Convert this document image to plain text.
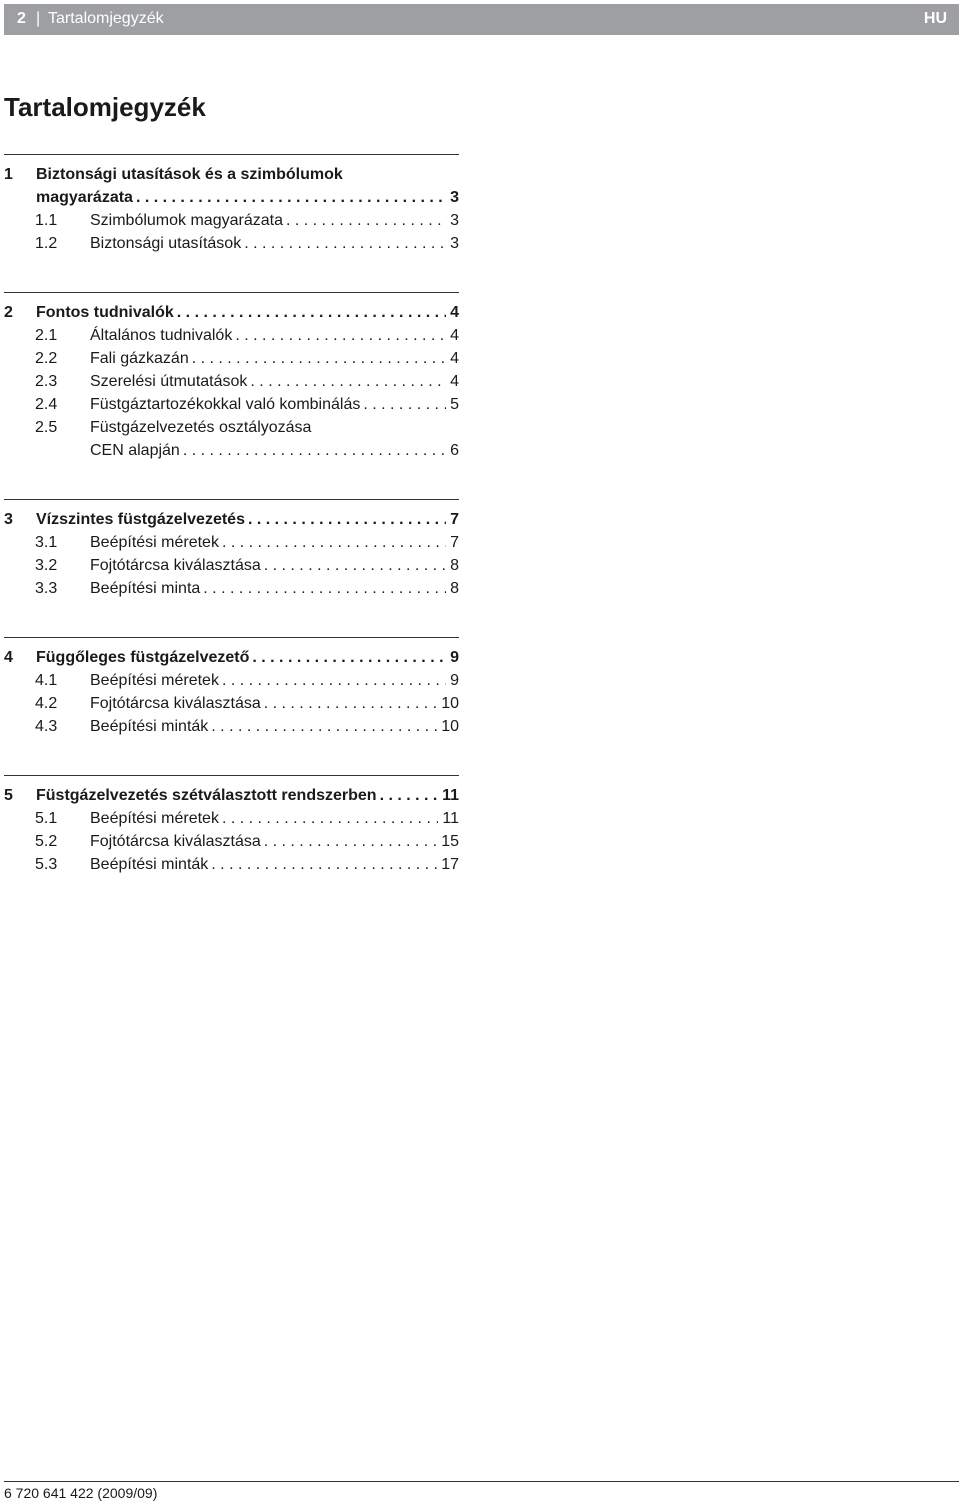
2 | Tartalomjegyzék	HU
Tartalomjegyzék
1	Biztonsági utasítások és a szimbólumok
magyarázata . . .	3
1.1	Szimbólumok magyarázata . . .	3
1.2	Biztonsági utasítások . . .	3
2	Fontos tudnivalók . . .	4
2.1	Általános tudnivalók . . .	4
2.2	Fali gázkazán . . .	4
2.3	Szerelési útmutatások . . .	4
2.4	Füstgáztartozékokkal való kombinálás . . .	5
2.5	Füstgázelvezetés osztályozása
CEN alapján . . .	6
3	Vízszintes füstgázelvezetés . . .	7
3.1	Beépítési méretek . . .	7
3.2	Fojtótárcsa kiválasztása . . .	8
3.3	Beépítési minta . . .	8
4	Függőleges füstgázelvezető . . .	9
4.1	Beépítési méretek . . .	9
4.2	Fojtótárcsa kiválasztása . . .	10
4.3	Beépítési minták . . .	10
5	Füstgázelvezetés szétválasztott rendszerben . . .	11
5.1	Beépítési méretek . . .	11
5.2	Fojtótárcsa kiválasztása . . .	15
5.3	Beépítési minták . . .	17
6 720 641 422 (2009/09)
